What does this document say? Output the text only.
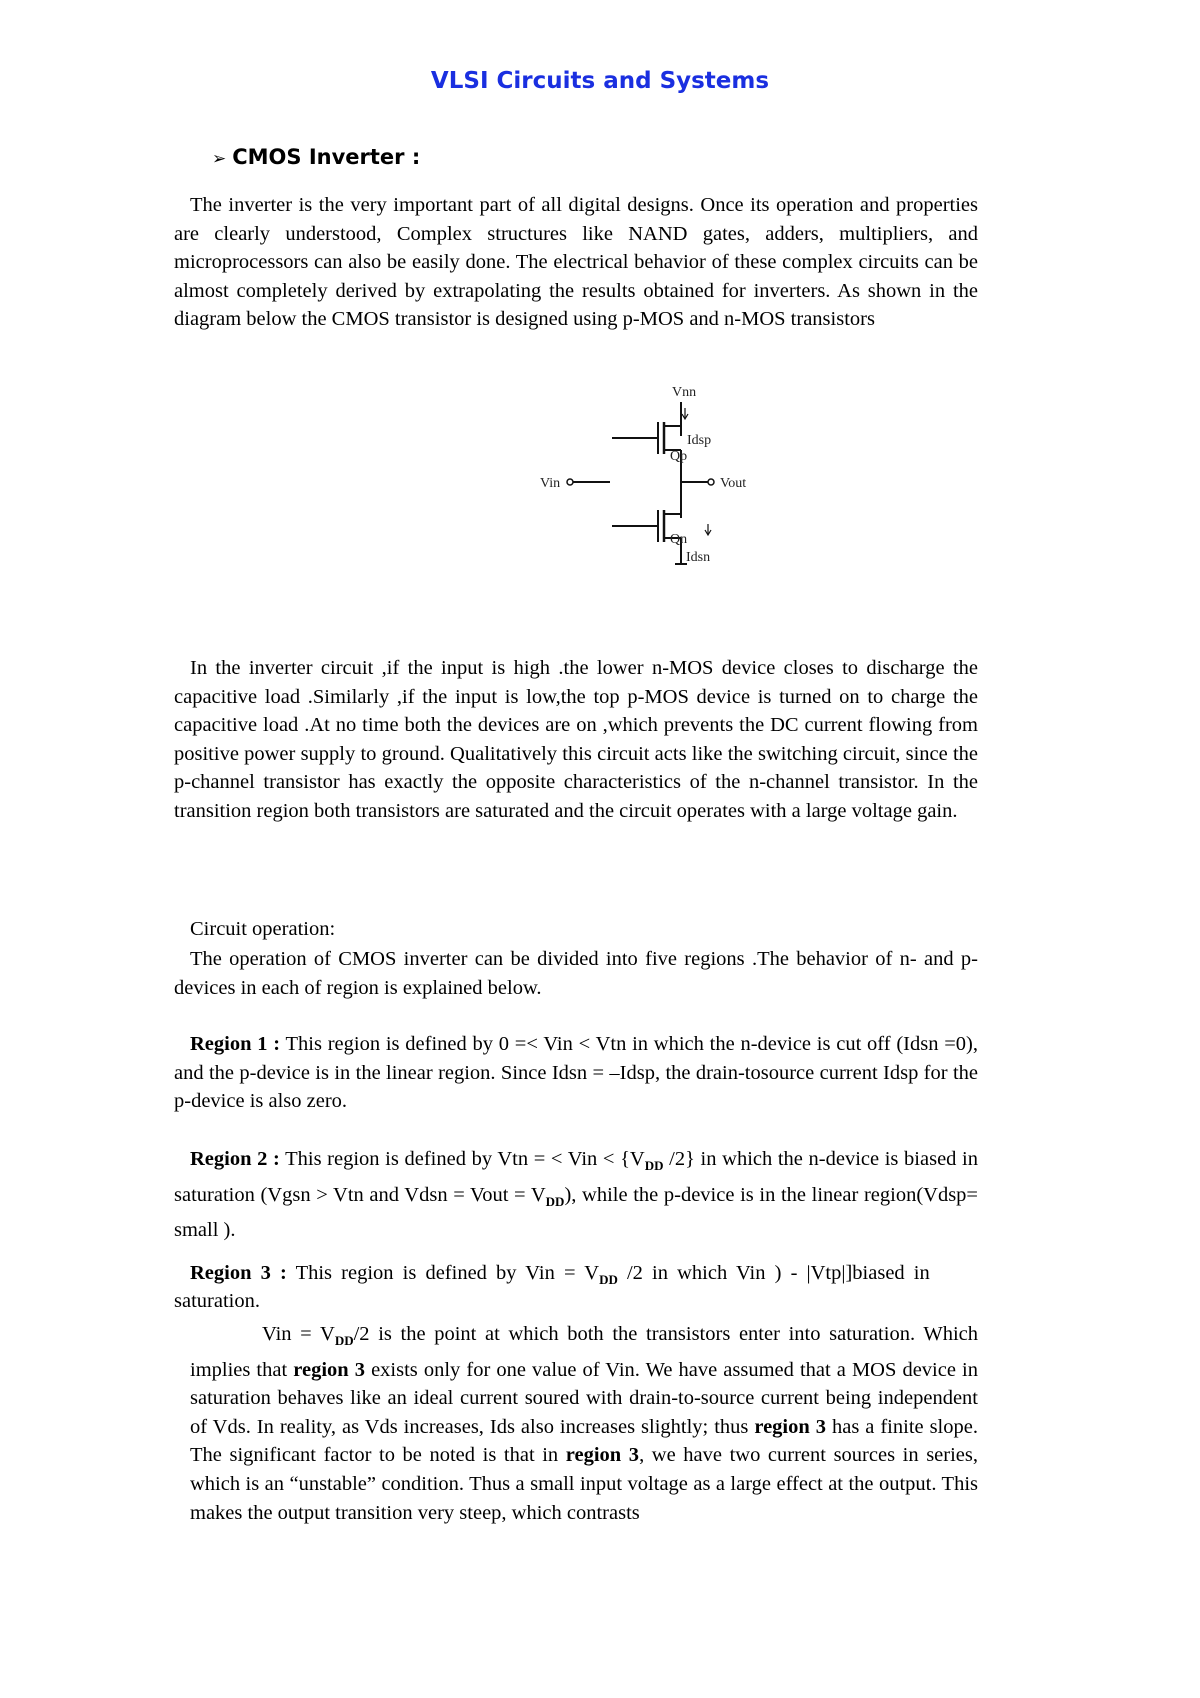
VLSI Circuits and Systems
➢ CMOS Inverter :

The inverter is the very important part of all digital designs. Once its operation and properties are clearly understood, Complex structures like NAND gates, adders, multipliers, and microprocessors can also be easily done. The electrical behavior of these complex circuits can be almost completely derived by extrapolating the results obtained for inverters. As shown in the diagram below the CMOS transistor is designed using p-MOS and n-MOS transistors

Vnn
Idsp
Qp
Vin	Vout
Qn
Idsn

In the inverter circuit ,if the input is high .the lower n-MOS device closes to discharge the capacitive load .Similarly ,if the input is low,the top p-MOS device is turned on to charge the capacitive load .At no time both the devices are on ,which prevents the DC current flowing from positive power supply to ground. Qualitatively this circuit acts like the switching circuit, since the p-channel transistor has exactly the opposite characteristics of the n-channel transistor. In the transition region both transistors are saturated and the circuit operates with a large voltage gain.

Circuit operation:

The operation of CMOS inverter can be divided into five regions .The behavior of n- and p- devices in each of region is explained below.

Region 1 : This region is defined by 0 =< Vin < Vtn in which the n-device is cut off (Idsn =0), and the p-device is in the linear region. Since Idsn = –Idsp, the drain-tosource current Idsp for the p-device is also zero.

Region 2 : This region is defined by Vtn = < Vin < {$V_{DD}$ /2} in which the n-device is biased in saturation (Vgsn > Vtn and Vdsn = Vout = $V_{DD}$), while the p-device is in the linear region(Vdsp= small ).

Region 3 : This region is defined by Vin = $V_{DD}$ /2 in which Vin ) - |Vtp|]biased in
saturation.

Vin = $V_{DD}/2$ is the point at which both the transistors enter into saturation. Which implies that region 3 exists only for one value of Vin. We have assumed that a MOS device in saturation behaves like an ideal current soured with drain-to-source current being independent of Vds. In reality, as Vds increases, Ids also increases slightly; thus region 3 has a finite slope. The significant factor to be noted is that in region 3, we have two current sources in series, which is an “unstable” condition. Thus a small input voltage as a large effect at the output. This makes the output transition very steep, which contrasts
